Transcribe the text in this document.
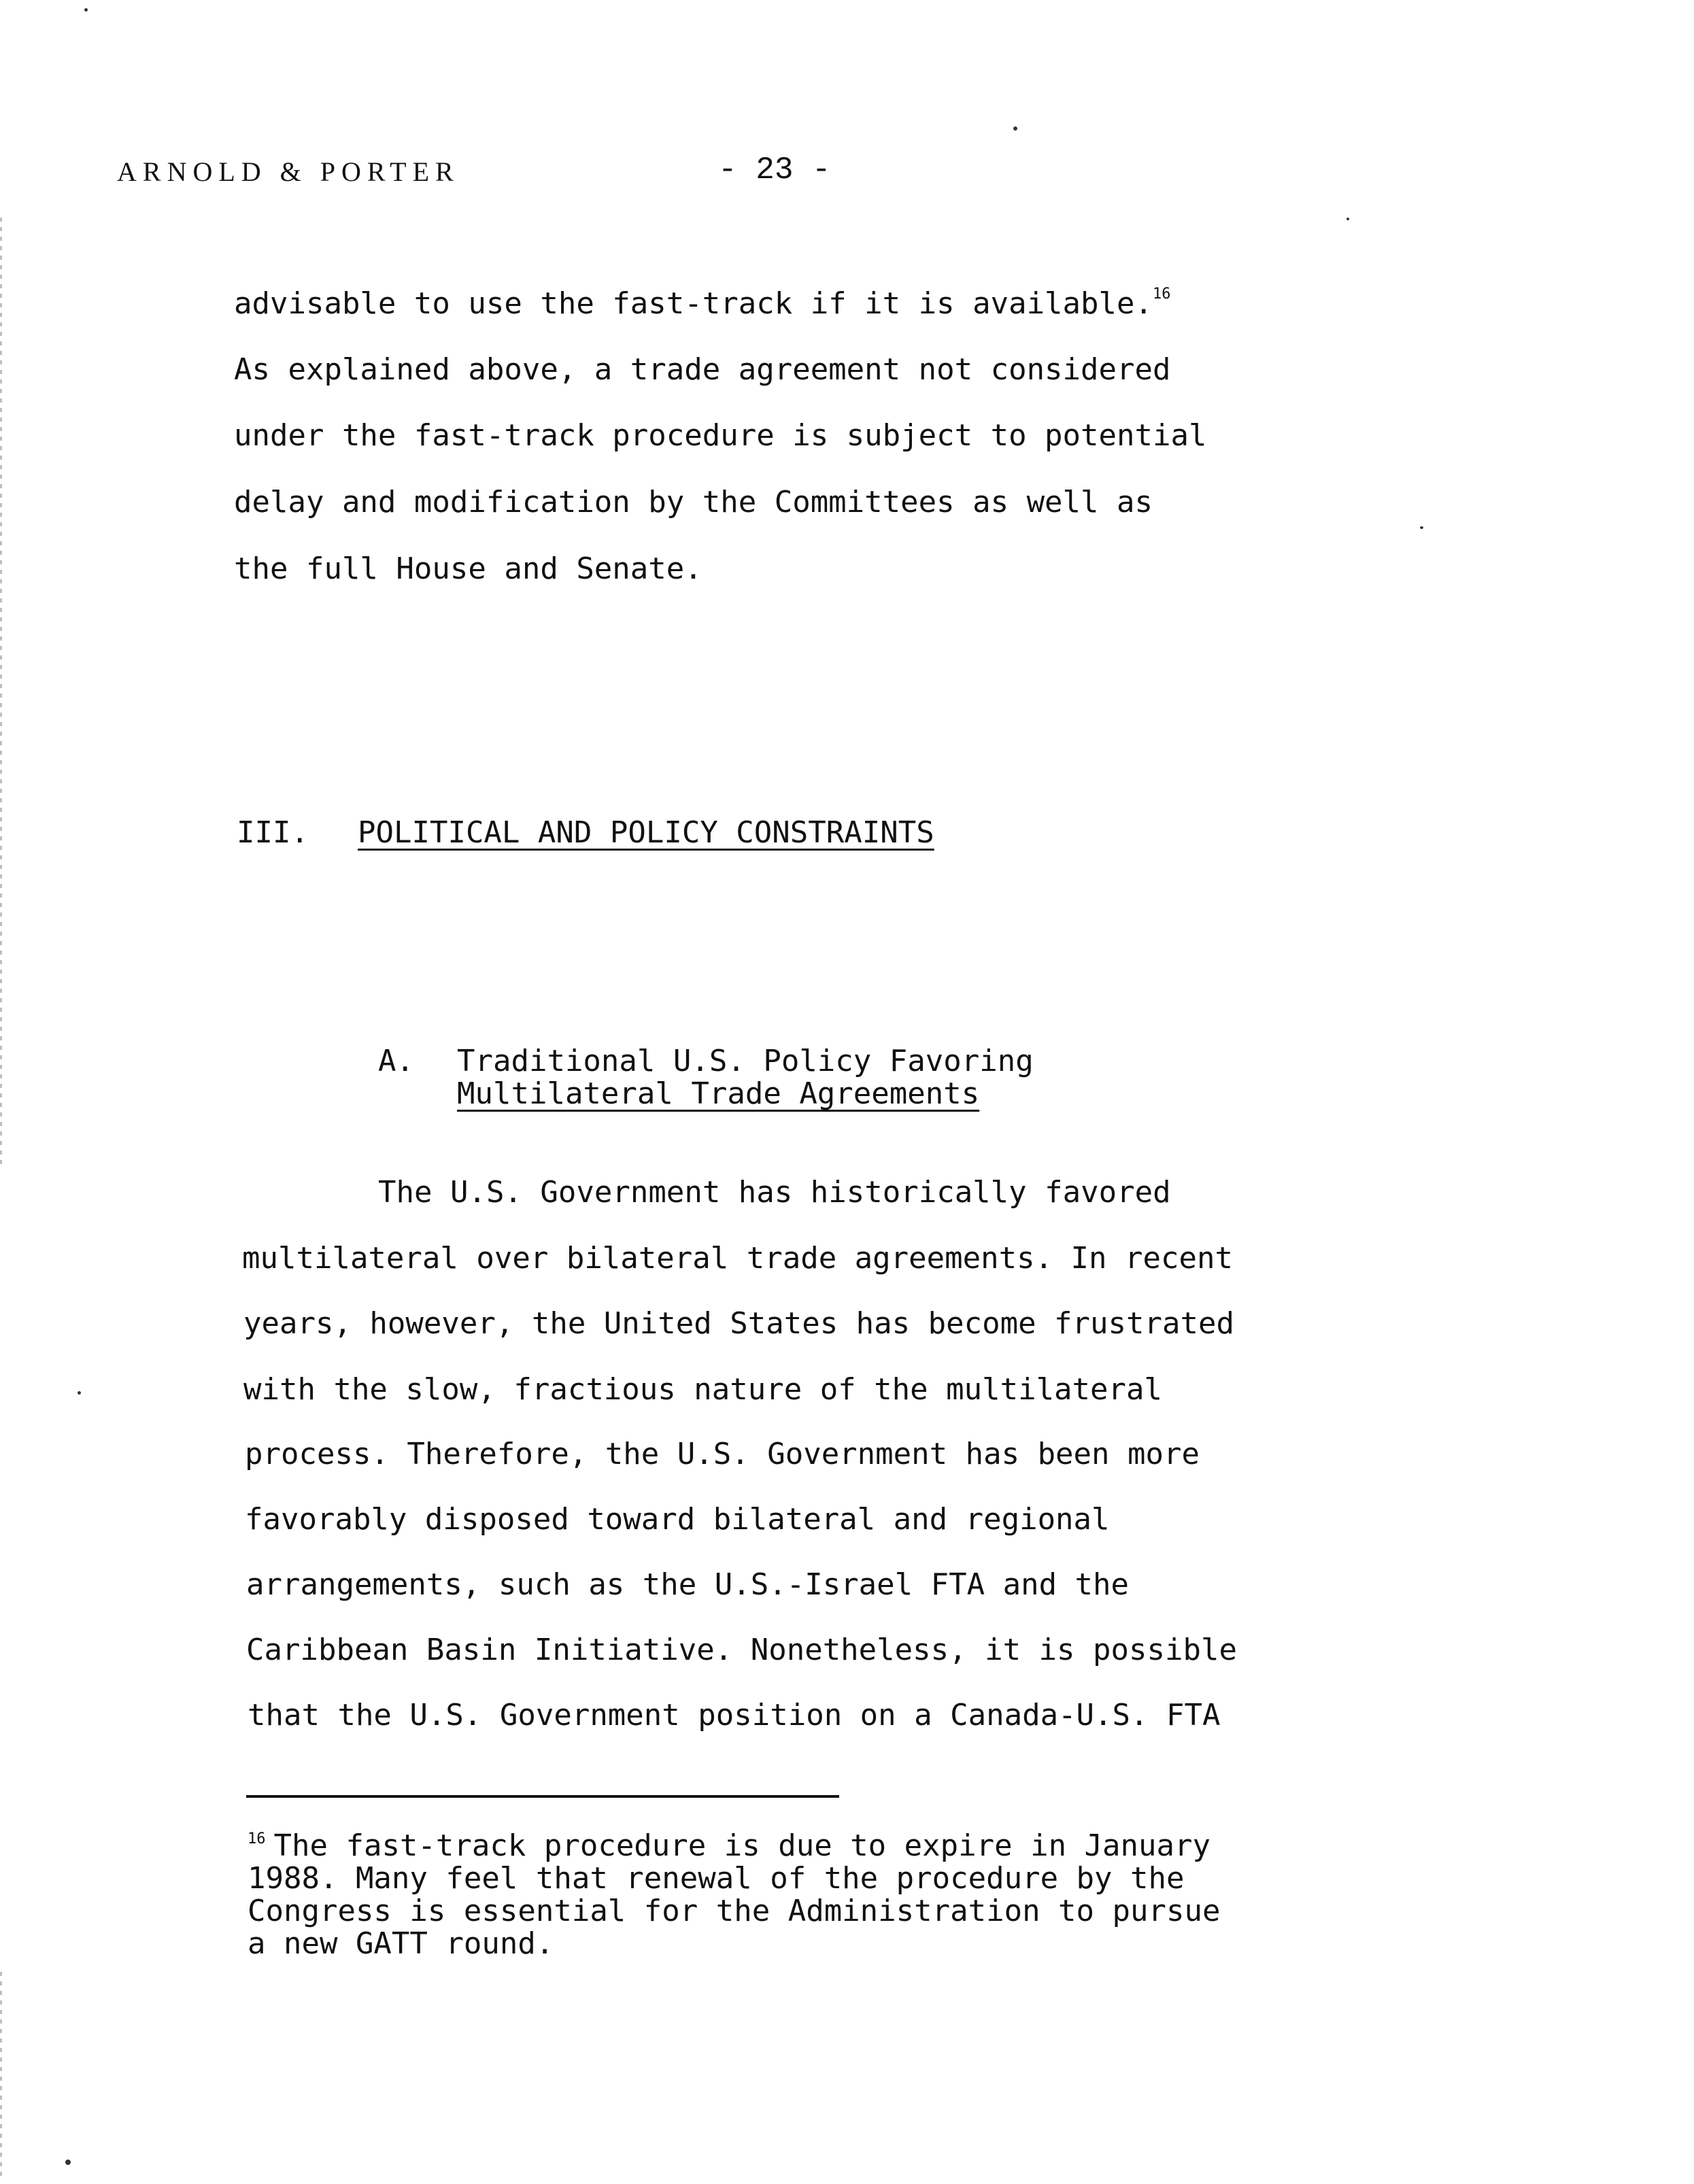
ARNOLD & PORTER	- 23 -
advisable to use the fast-track if it is available.$^{16}$
As explained above, a trade agreement not considered
under the fast-track procedure is subject to potential
delay and modification by the Committees as well as
the full House and Senate.
III. POLITICAL AND POLICY CONSTRAINTS
A. Traditional U.S. Policy Favoring
Multilateral Trade Agreements
The U.S. Government has historically favored
multilateral over bilateral trade agreements. In recent
years, however, the United States has become frustrated
with the slow, fractious nature of the multilateral
process. Therefore, the U.S. Government has been more
favorably disposed toward bilateral and regional
arrangements, such as the U.S.-Israel FTA and the
Caribbean Basin Initiative. Nonetheless, it is possible
that the U.S. Government position on a Canada-U.S. FTA
$^{16}$ The fast-track procedure is due to expire in January
1988. Many feel that renewal of the procedure by the
Congress is essential for the Administration to pursue
a new GATT round.
